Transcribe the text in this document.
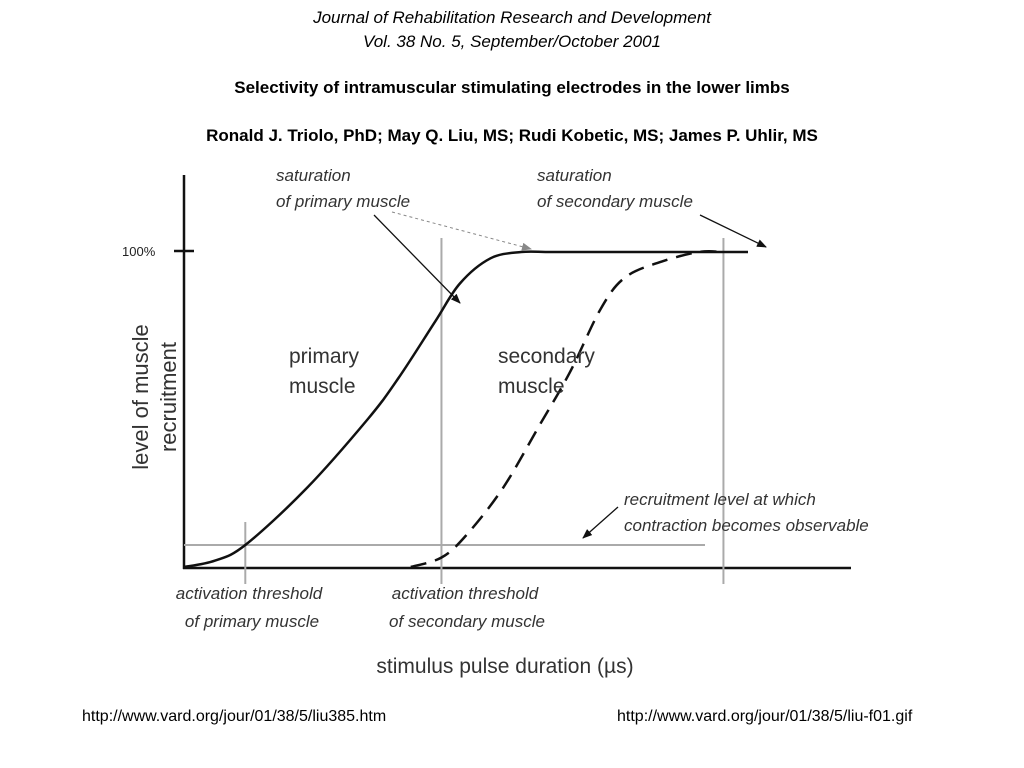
Journal of Rehabilitation Research and Development
Vol. 38 No. 5, September/October 2001
Selectivity of intramuscular stimulating electrodes in the lower limbs
Ronald J. Triolo, PhD; May Q. Liu, MS; Rudi Kobetic, MS; James P. Uhlir, MS
100%
saturation
of primary muscle
saturation
of secondary muscle
recruitment level at which
contraction becomes observable
activation threshold
of primary muscle
activation threshold
of secondary muscle
primary
muscle
secondary
muscle
level of muscle recruitment
stimulus pulse duration (µs)
http://www.vard.org/jour/01/38/5/liu385.htm	http://www.vard.org/jour/01/38/5/liu-f01.gif
